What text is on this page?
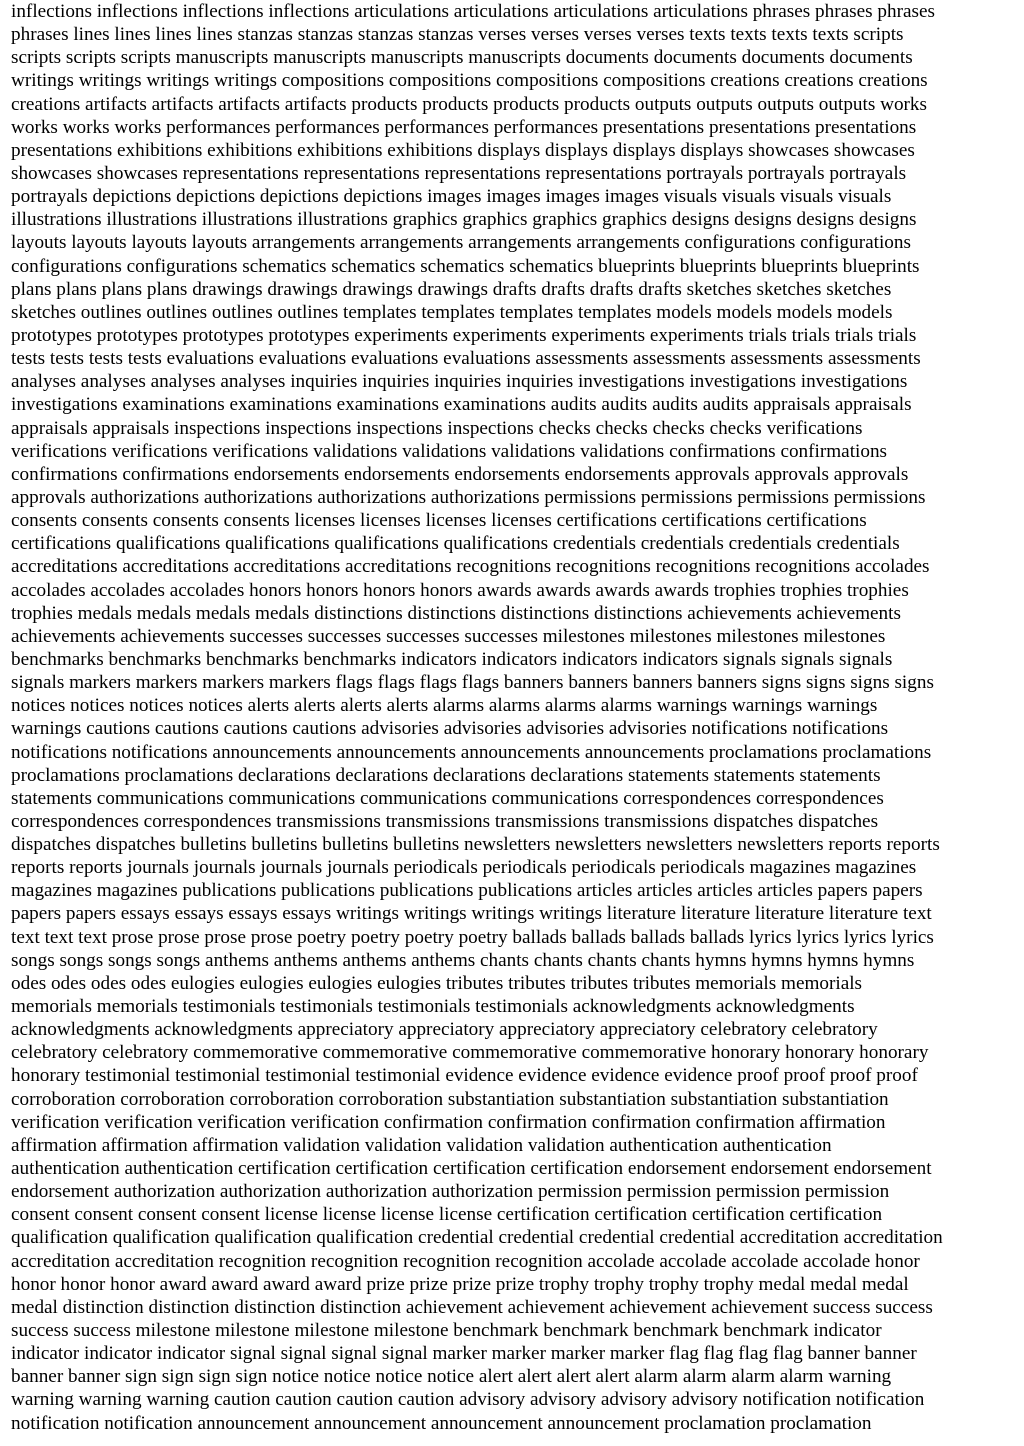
inflections inflections inflections inflections articulations articulations articulations articulations phrases phrases phrases
phrases lines lines lines lines stanzas stanzas stanzas stanzas verses verses verses verses texts texts texts texts scripts
scripts scripts scripts manuscripts manuscripts manuscripts manuscripts documents documents documents documents
writings writings writings writings compositions compositions compositions compositions creations creations creations
creations artifacts artifacts artifacts artifacts products products products products outputs outputs outputs outputs works
works works works performances performances performances performances presentations presentations presentations
presentations exhibitions exhibitions exhibitions exhibitions displays displays displays displays showcases showcases
showcases showcases representations representations representations representations portrayals portrayals portrayals
portrayals depictions depictions depictions depictions images images images images visuals visuals visuals visuals
illustrations illustrations illustrations illustrations graphics graphics graphics graphics designs designs designs designs
layouts layouts layouts layouts arrangements arrangements arrangements arrangements configurations configurations
configurations configurations schematics schematics schematics schematics blueprints blueprints blueprints blueprints
plans plans plans plans drawings drawings drawings drawings drafts drafts drafts drafts sketches sketches sketches
sketches outlines outlines outlines outlines templates templates templates templates models models models models
prototypes prototypes prototypes prototypes experiments experiments experiments experiments trials trials trials trials
tests tests tests tests evaluations evaluations evaluations evaluations assessments assessments assessments assessments
analyses analyses analyses analyses inquiries inquiries inquiries inquiries investigations investigations investigations
investigations examinations examinations examinations examinations audits audits audits audits appraisals appraisals
appraisals appraisals inspections inspections inspections inspections checks checks checks checks verifications
verifications verifications verifications validations validations validations validations confirmations confirmations
confirmations confirmations endorsements endorsements endorsements endorsements approvals approvals approvals
approvals authorizations authorizations authorizations authorizations permissions permissions permissions permissions
consents consents consents consents licenses licenses licenses licenses certifications certifications certifications
certifications qualifications qualifications qualifications qualifications credentials credentials credentials credentials
accreditations accreditations accreditations accreditations recognitions recognitions recognitions recognitions accolades
accolades accolades accolades honors honors honors honors awards awards awards awards trophies trophies trophies
trophies medals medals medals medals distinctions distinctions distinctions distinctions achievements achievements
achievements achievements successes successes successes successes milestones milestones milestones milestones
benchmarks benchmarks benchmarks benchmarks indicators indicators indicators indicators signals signals signals
signals markers markers markers markers flags flags flags flags banners banners banners banners signs signs signs signs
notices notices notices notices alerts alerts alerts alerts alarms alarms alarms alarms warnings warnings warnings
warnings cautions cautions cautions cautions advisories advisories advisories advisories notifications notifications
notifications notifications announcements announcements announcements announcements proclamations proclamations
proclamations proclamations declarations declarations declarations declarations statements statements statements
statements communications communications communications communications correspondences correspondences
correspondences correspondences transmissions transmissions transmissions transmissions dispatches dispatches
dispatches dispatches bulletins bulletins bulletins bulletins newsletters newsletters newsletters newsletters reports reports
reports reports journals journals journals journals periodicals periodicals periodicals periodicals magazines magazines
magazines magazines publications publications publications publications articles articles articles articles papers papers
papers papers essays essays essays essays writings writings writings writings literature literature literature literature text
text text text prose prose prose prose poetry poetry poetry poetry ballads ballads ballads ballads lyrics lyrics lyrics lyrics
songs songs songs songs anthems anthems anthems anthems chants chants chants chants hymns hymns hymns hymns
odes odes odes odes eulogies eulogies eulogies eulogies tributes tributes tributes tributes memorials memorials
memorials memorials testimonials testimonials testimonials testimonials acknowledgments acknowledgments
acknowledgments acknowledgments appreciatory appreciatory appreciatory appreciatory celebratory celebratory
celebratory celebratory commemorative commemorative commemorative commemorative honorary honorary honorary
honorary testimonial testimonial testimonial testimonial evidence evidence evidence evidence proof proof proof proof
corroboration corroboration corroboration corroboration substantiation substantiation substantiation substantiation
verification verification verification verification confirmation confirmation confirmation confirmation affirmation
affirmation affirmation affirmation validation validation validation validation authentication authentication
authentication authentication certification certification certification certification endorsement endorsement endorsement
endorsement authorization authorization authorization authorization permission permission permission permission
consent consent consent consent license license license license certification certification certification certification
qualification qualification qualification qualification credential credential credential credential accreditation accreditation
accreditation accreditation recognition recognition recognition recognition accolade accolade accolade accolade honor
honor honor honor award award award award prize prize prize prize trophy trophy trophy trophy medal medal medal
medal distinction distinction distinction distinction achievement achievement achievement achievement success success
success success milestone milestone milestone milestone benchmark benchmark benchmark benchmark indicator
indicator indicator indicator signal signal signal signal marker marker marker marker flag flag flag flag banner banner
banner banner sign sign sign sign notice notice notice notice alert alert alert alert alarm alarm alarm alarm warning
warning warning warning caution caution caution caution advisory advisory advisory advisory notification notification
notification notification announcement announcement announcement announcement proclamation proclamation
